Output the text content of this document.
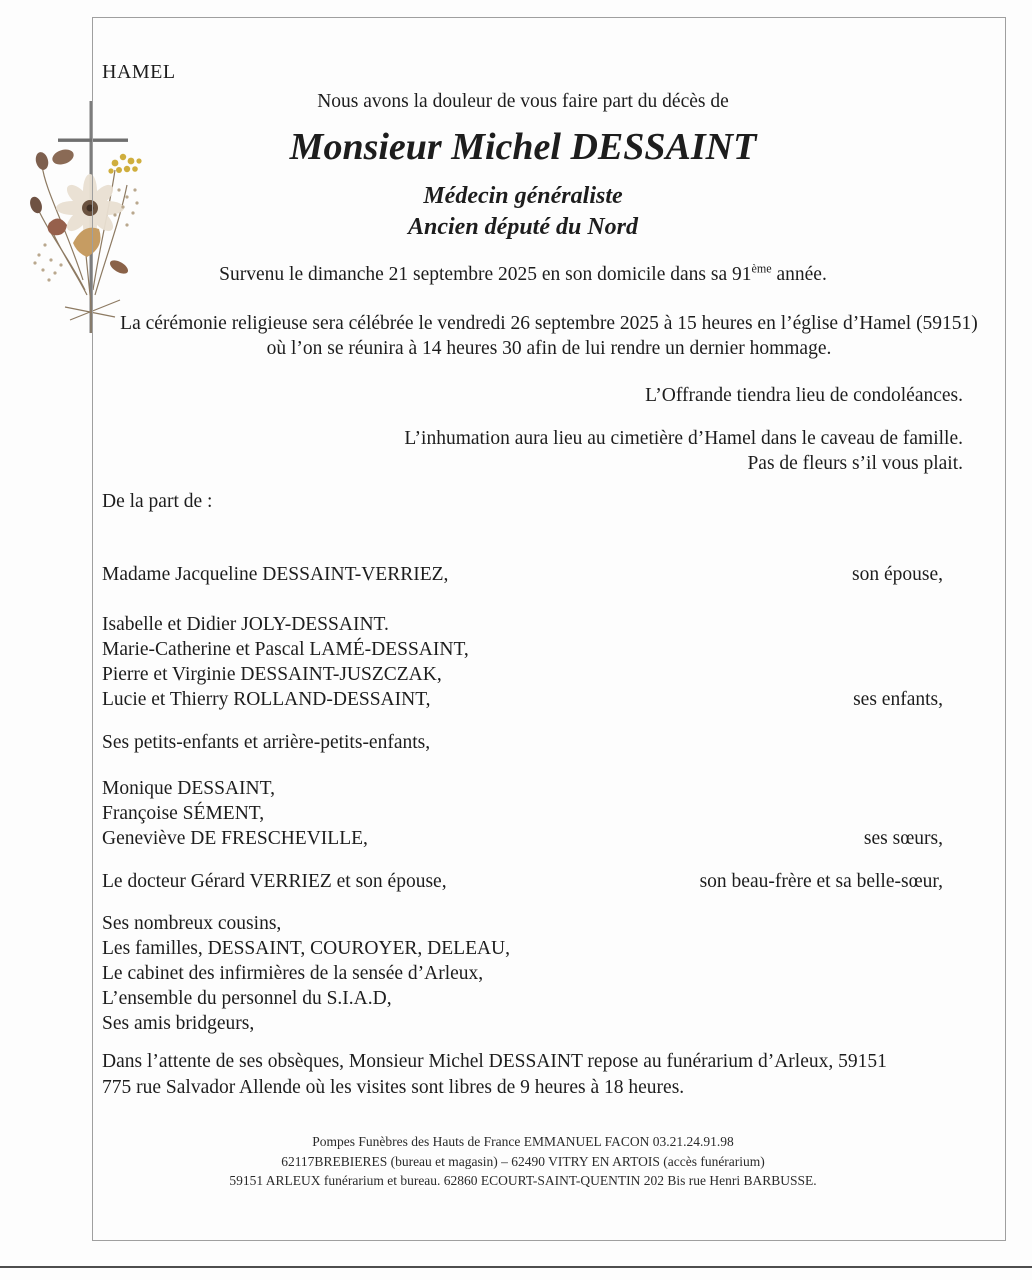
HAMEL
Nous avons la douleur de vous faire part du décès de
Monsieur Michel DESSAINT
Médecin généraliste
Ancien député du Nord
Survenu le dimanche 21 septembre 2025 en son domicile dans sa 91ème année.
La cérémonie religieuse sera célébrée le vendredi 26 septembre 2025 à 15 heures en l’église d’Hamel (59151)
où l’on se réunira à 14 heures 30 afin de lui rendre un dernier hommage.
L’Offrande tiendra lieu de condoléances.
L’inhumation aura lieu au cimetière d’Hamel dans le caveau de famille.
Pas de fleurs s’il vous plait.
De la part de :
Madame Jacqueline DESSAINT-VERRIEZ,	son épouse,
Isabelle et Didier JOLY-DESSAINT.
Marie-Catherine et Pascal LAMÉ-DESSAINT,
Pierre et Virginie DESSAINT-JUSZCZAK,
Lucie et Thierry ROLLAND-DESSAINT,	ses enfants,
Ses petits-enfants et arrière-petits-enfants,
Monique DESSAINT,
Françoise SÉMENT,
Geneviève DE FRESCHEVILLE,	ses sœurs,
Le docteur Gérard VERRIEZ et son épouse,	son beau-frère et sa belle-sœur,
Ses nombreux cousins,
Les familles, DESSAINT, COUROYER, DELEAU,
Le cabinet des infirmières de la sensée d’Arleux,
L’ensemble du personnel du S.I.A.D,
Ses amis bridgeurs,
Dans l’attente de ses obsèques, Monsieur Michel DESSAINT repose au funérarium d’Arleux, 59151
775 rue Salvador Allende où les visites sont libres de 9 heures à 18 heures.
Pompes Funèbres des Hauts de France EMMANUEL FACON 03.21.24.91.98
62117BREBIERES (bureau et magasin) – 62490 VITRY EN ARTOIS (accès funérarium)
59151 ARLEUX funérarium et bureau. 62860 ECOURT-SAINT-QUENTIN 202 Bis rue Henri BARBUSSE.
